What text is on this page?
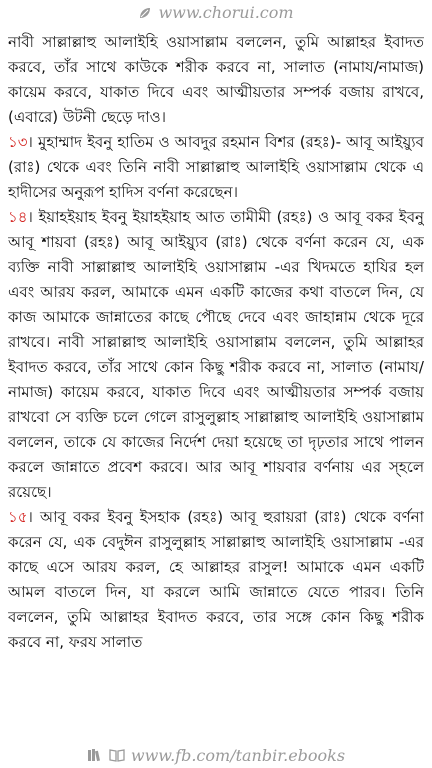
www.chorui.com

নাবী সাল্লাল্লাহু আলাইহি ওয়াসাল্লাম বললেন, তুমি আল্লাহর ইবাদত করবে, তাঁর সাথে কাউকে শরীক করবে না, সালাত (নামায/নামাজ) কায়েম করবে, যাকাত দিবে এবং আত্মীয়তার সম্পর্ক বজায় রাখবে, (এবারে) উটনী ছেড়ে দাও।

১৩। মুহাম্মাদ ইবনু হাতিম ও আবদুর রহমান বিশর (রহঃ)- আবূ আইয়্যুব (রাঃ) থেকে এবং তিনি নাবী সাল্লাল্লাহু আলাইহি ওয়াসাল্লাম থেকে এ হাদীসের অনুরূপ হাদিস বর্ণনা করেছেন।

১৪। ইয়াহইয়াহ ইবনু ইয়াহইয়াহ আত তামীমী (রহঃ) ও আবূ বকর ইবনু আবূ শায়বা (রহঃ) আবূ আইয়্যুব (রাঃ) থেকে বর্ণনা করেন যে, এক ব্যক্তি নাবী সাল্লাল্লাহু আলাইহি ওয়াসাল্লাম -এর খিদমতে হাযির হল এবং আরয করল, আমাকে এমন একটি কাজের কথা বাতলে দিন, যে কাজ আমাকে জান্নাতের কাছে পৌছে দেবে এবং জাহান্নাম থেকে দূরে রাখবে। নাবী সাল্লাল্লাহু আলাইহি ওয়াসাল্লাম বললেন, তুমি আল্লাহর ইবাদত করবে, তাঁর সাথে কোন কিছু শরীক করবে না, সালাত (নামায/নামাজ) কায়েম করবে, যাকাত দিবে এবং আত্মীয়তার সম্পর্ক বজায় রাখবো সে ব্যক্তি চলে গেলে রাসুলুল্লাহ সাল্লাল্লাহু আলাইহি ওয়াসাল্লাম বললেন, তাকে যে কাজের নির্দেশ দেয়া হয়েছে তা দৃঢ়তার সাথে পালন করলে জান্নাতে প্রবেশ করবে। আর আবূ শায়বার বর্ণনায় এর স্হলে রয়েছে।

১৫। আবূ বকর ইবনু ইসহাক (রহঃ) আবূ হুরায়রা (রাঃ) থেকে বর্ণনা করেন যে, এক বেদুঈন রাসুলুল্লাহ সাল্লাল্লাহু আলাইহি ওয়াসাল্লাম -এর কাছে এসে আরয করল, হে আল্লাহর রাসুল! আমাকে এমন একটি আমল বাতলে দিন, যা করলে আমি জান্নাতে যেতে পারব। তিনি বললেন, তুমি আল্লাহর ইবাদত করবে, তার সঙ্গে কোন কিছু শরীক করবে না, ফরয সালাত

www.fb.com/tanbir.ebooks
